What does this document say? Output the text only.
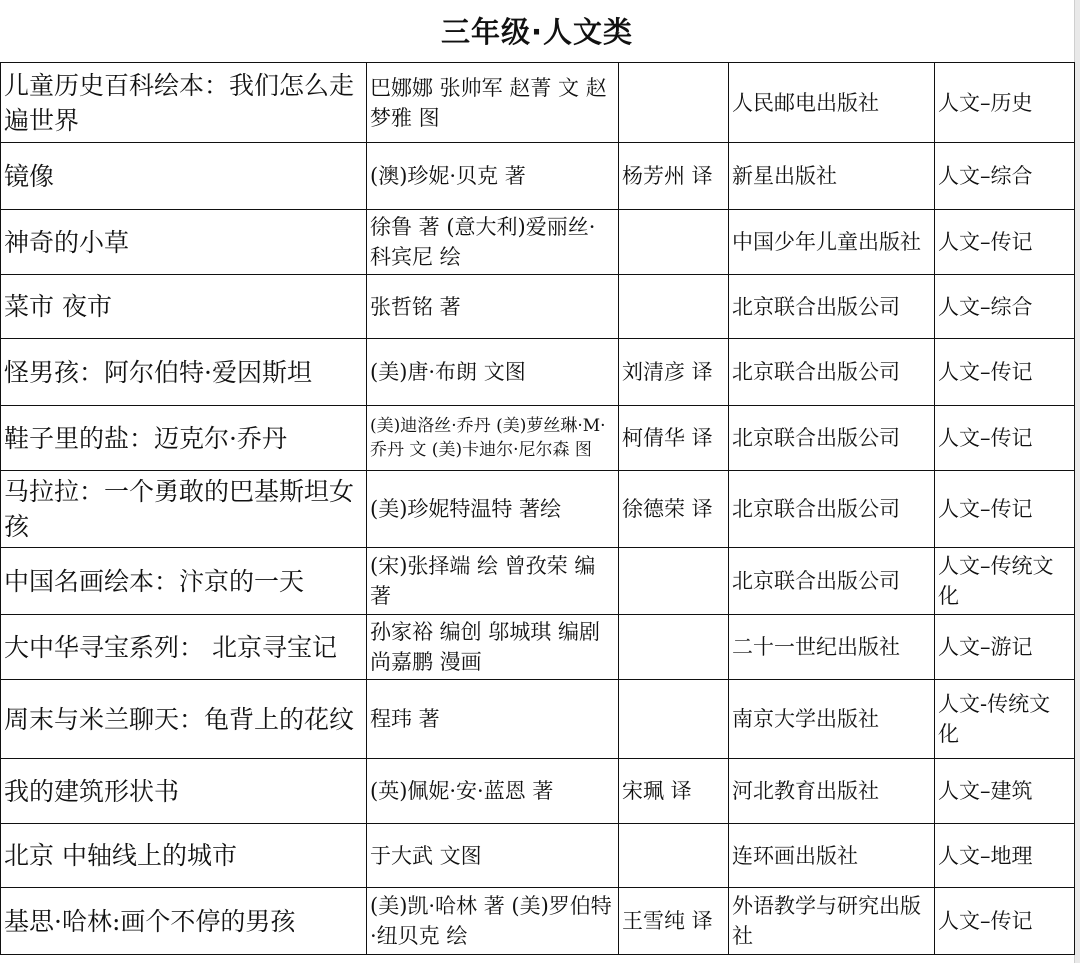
三年级·人文类
儿童历史百科绘本：我们怎么走遍世界	巴娜娜 张帅军 赵菁 文 赵梦雅 图		人民邮电出版社	人文–历史

镜像	(澳)珍妮·贝克 著	杨芳州 译	新星出版社	人文–综合

神奇的小草	徐鲁 著 (意大利)爱丽丝·科宾尼 绘		中国少年儿童出版社	人文–传记

菜市 夜市	张哲铭 著		北京联合出版公司	人文–综合

怪男孩：阿尔伯特·爱因斯坦	(美)唐·布朗 文图	刘清彦 译	北京联合出版公司	人文–传记

鞋子里的盐：迈克尔·乔丹	(美)迪洛丝·乔丹 (美)萝丝琳·M·乔丹 文 (美)卡迪尔·尼尔森 图	柯倩华 译	北京联合出版公司	人文–传记

马拉拉：一个勇敢的巴基斯坦女孩	(美)珍妮特温特 著绘	徐德荣 译	北京联合出版公司	人文–传记

中国名画绘本：汴京的一天	(宋)张择端 绘 曾孜荣 编著		北京联合出版公司	人文–传统文化

大中华寻宝系列： 北京寻宝记	孙家裕 编创 邬城琪 编剧 尚嘉鹏 漫画		二十一世纪出版社	人文–游记

周末与米兰聊天：龟背上的花纹	程玮 著		南京大学出版社	人文-传统文化

我的建筑形状书	(英)佩妮·安·蓝恩 著	宋珮 译	河北教育出版社	人文–建筑

北京 中轴线上的城市	于大武 文图		连环画出版社	人文–地理

基思·哈林:画个不停的男孩	(美)凯·哈林 著 (美)罗伯特·纽贝克 绘	王雪纯 译	外语教学与研究出版社	人文–传记
